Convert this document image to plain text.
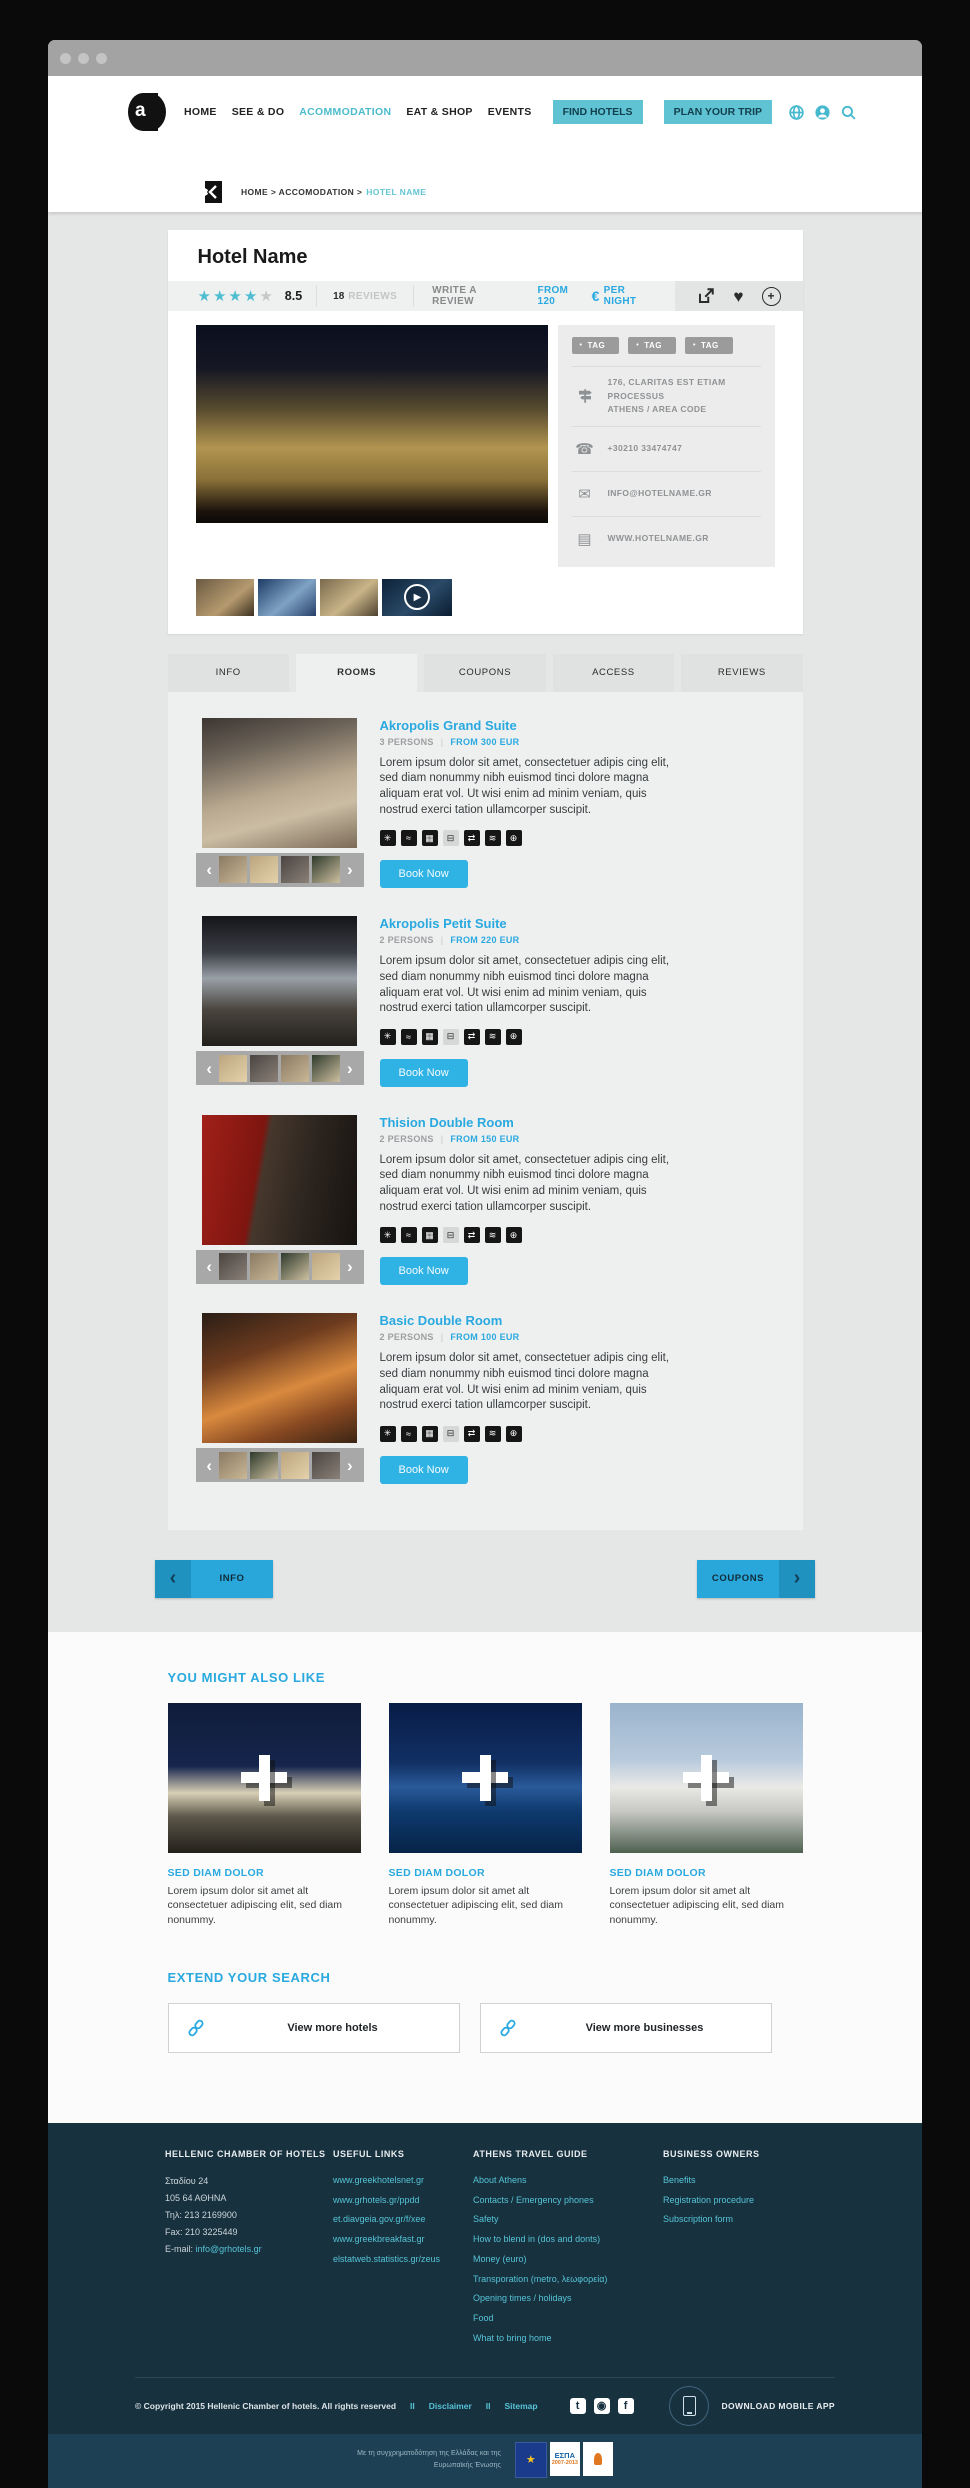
a	HOME SEE & DO ACOMMODATION EAT & SHOP EVENTS	FIND HOTELS	PLAN YOUR TRIP
HOME > ACCOMODATION > HOTEL NAME
Hotel Name
★★★★★ 8.5	18 REVIEWS	WRITE A REVIEW
FROM 120	€ PER NIGHT	♥	+
• TAG	• TAG	• TAG
176, CLARITAS EST ETIAM PROCESSUS
ATHENS / AREA CODE
☎ +30210 33474747
✉	INFO@HOTELNAME.GR
▤	WWW.HOTELNAME.GR
▶
INFO	ROOMS	COUPONS	ACCESS	REVIEWS
‹	›
Akropolis Grand Suite
3 PERSONS | FROM 300 EUR

Lorem ipsum dolor sit amet, consectetuer adipis cing elit, sed diam nonummy nibh euismod tinci dolore magna aliquam erat vol. Ut wisi enim ad minim veniam, quis nostrud exerci tation ullamcorper suscipit.

✳	≈	▦	⊟	⇄	≋	⊕
Book Now
‹	›
Akropolis Petit Suite
2 PERSONS | FROM 220 EUR

Lorem ipsum dolor sit amet, consectetuer adipis cing elit, sed diam nonummy nibh euismod tinci dolore magna aliquam erat vol. Ut wisi enim ad minim veniam, quis nostrud exerci tation ullamcorper suscipit.

✳	≈	▦	⊟	⇄	≋	⊕
Book Now
‹	›
Thision Double Room
2 PERSONS | FROM 150 EUR

Lorem ipsum dolor sit amet, consectetuer adipis cing elit, sed diam nonummy nibh euismod tinci dolore magna aliquam erat vol. Ut wisi enim ad minim veniam, quis nostrud exerci tation ullamcorper suscipit.

✳	≈	▦	⊟	⇄	≋	⊕
Book Now
‹	›
Basic Double Room
2 PERSONS | FROM 100 EUR

Lorem ipsum dolor sit amet, consectetuer adipis cing elit, sed diam nonummy nibh euismod tinci dolore magna aliquam erat vol. Ut wisi enim ad minim veniam, quis nostrud exerci tation ullamcorper suscipit.

✳	≈	▦	⊟	⇄	≋	⊕
Book Now
‹	INFO	COUPONS	›
YOU MIGHT ALSO LIKE
SED DIAM DOLOR
Lorem ipsum dolor sit amet alt consectetuer adipiscing elit, sed diam nonummy.
SED DIAM DOLOR
Lorem ipsum dolor sit amet alt consectetuer adipiscing elit, sed diam nonummy.
SED DIAM DOLOR
Lorem ipsum dolor sit amet alt consectetuer adipiscing elit, sed diam nonummy.
EXTEND YOUR SEARCH
View more hotels	View more businesses
HELLENIC CHAMBER OF HOTELS
Σταδίου 24
105 64 ΑΘΗΝΑ
Τηλ: 213 2169900
Fax: 210 3225449
E-mail: info@grhotels.gr
USEFUL LINKS
www.greekhotelsnet.gr
www.grhotels.gr/ppdd
et.diavgeia.gov.gr/f/xee
www.greekbreakfast.gr
elstatweb.statistics.gr/zeus
ATHENS TRAVEL GUIDE
About Athens
Contacts / Emergency phones
Safety
How to blend in (dos and donts)
Money (euro)
Transporation (metro, λεωφορεία)
Opening times / holidays
Food
What to bring home
BUSINESS OWNERS
Benefits
Registration procedure
Subscription form
© Copyright 2015 Hellenic Chamber of hotels. All rights reserved II Disclaimer II Sitemap	t	◉	f	DOWNLOAD MOBILE APP
Με τη συγχρηματοδότηση της Ελλάδας και της
Ευρωπαϊκής Ένωσης	★	ΕΣΠΑ
2007-2013
